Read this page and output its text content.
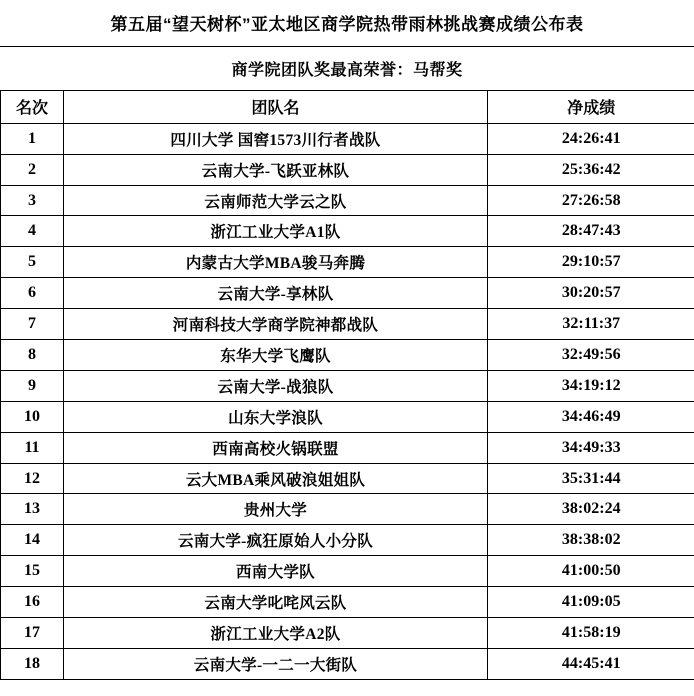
第五届“望天树杯”亚太地区商学院热带雨林挑战赛成绩公布表
商学院团队奖最高荣誉：马帮奖
名次	团队名	净成绩
1	四川大学 国窖1573川行者战队	24:26:41
2	云南大学-飞跃亚林队	25:36:42
3	云南师范大学云之队	27:26:58
4	浙江工业大学A1队	28:47:43
5	内蒙古大学MBA骏马奔腾	29:10:57
6	云南大学-享林队	30:20:57
7	河南科技大学商学院神都战队	32:11:37
8	东华大学飞鹰队	32:49:56
9	云南大学-战狼队	34:19:12
10	山东大学浪队	34:46:49
11	西南高校火锅联盟	34:49:33
12	云大MBA乘风破浪姐姐队	35:31:44
13	贵州大学	38:02:24
14	云南大学-疯狂原始人小分队	38:38:02
15	西南大学队	41:00:50
16	云南大学叱咤风云队	41:09:05
17	浙江工业大学A2队	41:58:19
18	云南大学-一二一大街队	44:45:41
